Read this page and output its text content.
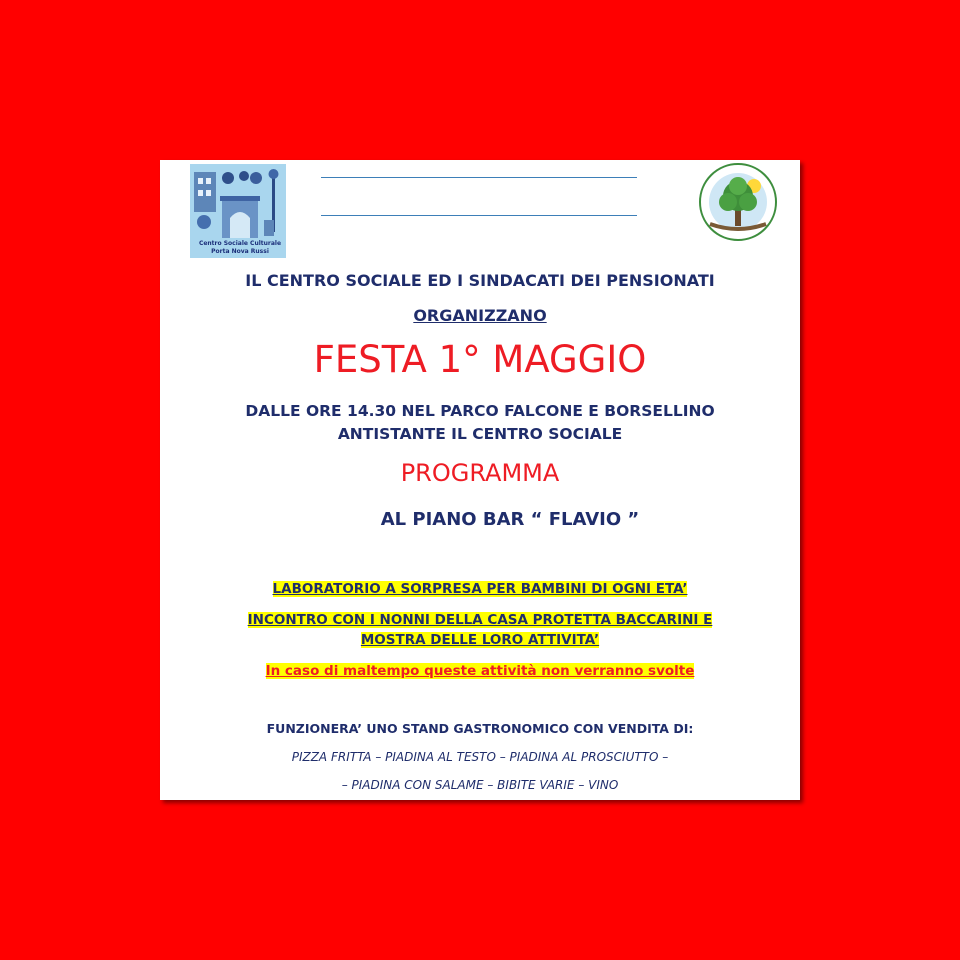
Centro Sociale Culturale
Porta Nova Russi
IL CENTRO SOCIALE ED I SINDACATI DEI PENSIONATI
ORGANIZZANO
FESTA 1° MAGGIO
DALLE ORE 14.30 NEL PARCO FALCONE E BORSELLINO
ANTISTANTE IL CENTRO SOCIALE
PROGRAMMA
AL PIANO BAR “ FLAVIO ”
LABORATORIO A SORPRESA PER BAMBINI DI OGNI ETA’
INCONTRO CON I NONNI DELLA CASA PROTETTA BACCARINI E
MOSTRA DELLE LORO ATTIVITA’
In caso di maltempo queste attività non verranno svolte
FUNZIONERA’ UNO STAND GASTRONOMICO CON VENDITA DI:
PIZZA FRITTA – PIADINA AL TESTO – PIADINA AL PROSCIUTTO –
– PIADINA CON SALAME – BIBITE VARIE – VINO
